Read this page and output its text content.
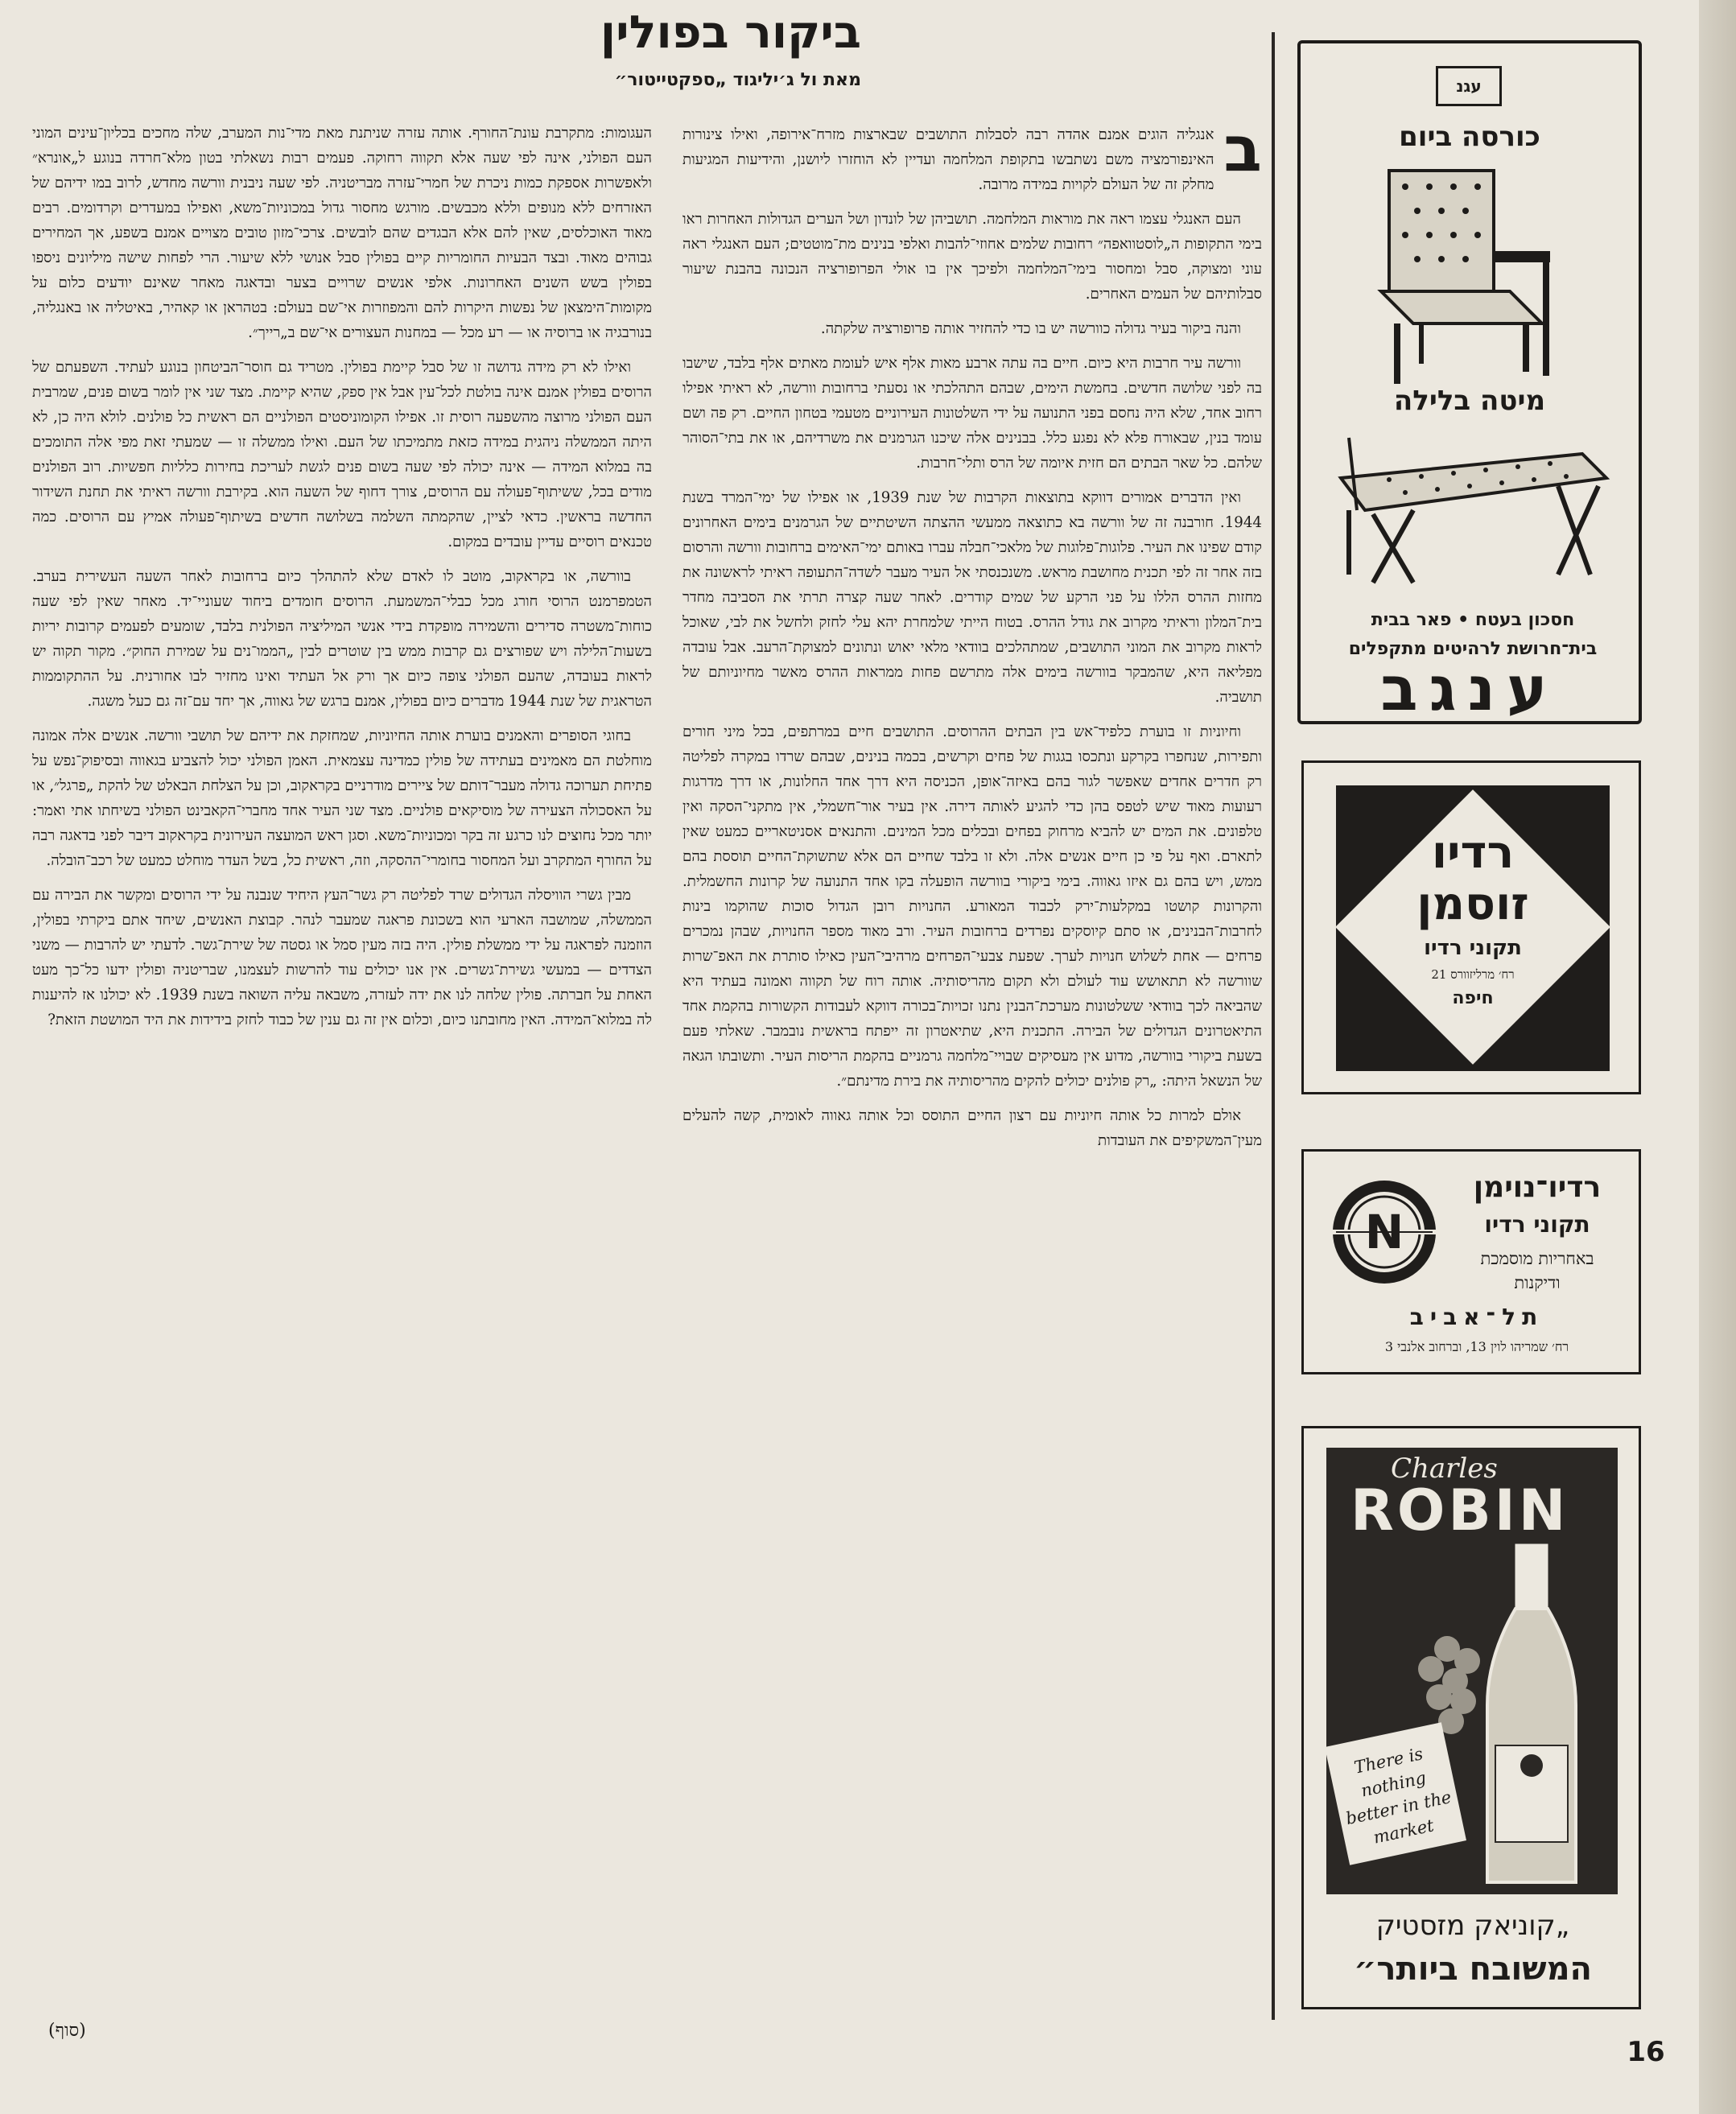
ביקור בפולין
מאת ול ג׳יליגוד „ספקטייטור״

ב
אנגליה הוגים אמנם אהדה רבה לסבלות התושבים שבארצות מזרח־אירופה, ואילו צינורות האינפורמציה משם נשתבשו בתקופת המלחמה ועדיין לא הוחזרו ליושנן, והידיעות המגיעות מחלק זה של העולם לקויות במידה מרובה.

העם האנגלי עצמו ראה את מוראות המלחמה. תושביהן של לונדון ושל הערים הגדולות האחרות ראו בימי התקופות ה„לוסטוואפה״ רחובות שלמים אחוזי־להבות ואלפי בנינים מת־מוטטים; העם האנגלי ראה עוני ומצוקה, סבל ומחסור בימי־המלחמה ולפיכך אין בו אולי הפרופורציה הנכונה בהבנת שיעור סבלותיהם של העמים האחרים.

והנה ביקור בעיר גדולה כוורשה יש בו כדי להחזיר אותה פרופורציה שלקתה.

וורשה עיר חרבות היא כיום. חיים בה עתה ארבע מאות אלף איש לעומת מאתים אלף בלבד, שישבו בה לפני שלושה חדשים. בחמשת הימים, שבהם התהלכתי או נסעתי ברחובות וורשה, לא ראיתי אפילו רחוב אחד, שלא היה נחסם בפני התנועה על ידי השלטונות העירוניים מטעמי בטחון החיים. רק פה ושם עומד בנין, שבאורח פלא לא נפגע כלל. בבנינים אלה שיכנו הגרמנים את משרדיהם, או את בתי־הסוהר שלהם. כל שאר הבתים הם חזית איומה של הרס ותלי־חרבות.

ואין הדברים אמורים דווקא בתוצאות הקרבות של שנת 1939, או אפילו של ימי־המרד בשנת 1944. חורבנה זה של וורשה בא כתוצאה ממעשי ההצתה השיטתיים של הגרמנים בימים האחרונים קודם שפינו את העיר. פלוגות־פלוגות של מלאכי־חבלה עברו באותם ימי־האימים ברחובות וורשה והרסום בזה אחר זה לפי תכנית מחושבת מראש. משנכנסתי אל העיר מעבר לשדה־התעופה ראיתי לראשונה את מחזות ההרס הללו על פני הרקע של שמים קודרים. לאחר שעה קצרה תרתי את הסביבה מחדר בית־המלון וראיתי מקרוב את גודל ההרס. בטוח הייתי שלמחרת יהא עלי לחזק ולחשל את לבי, שאוכל לראות מקרוב את המוני התושבים, שמתהלכים בוודאי מלאי יאוש ונתונים למצוקת־הרעב. אבל עובדה מפליאה היא, שהמבקר בוורשה בימים אלה מתרשם פחות ממראות ההרס מאשר מחיוניותם של תושביה.

וחיוניות זו בוערת כלפיד־אש בין הבתים ההרוסים. התושבים חיים במרתפים, בכל מיני חורים ותפירות, שנחפרו בקרקע ונתכסו בגגות של פחים וקרשים, בכמה בנינים, שבהם שרדו במקרה לפליטה רק חדרים אחדים שאפשר לגור בהם באיזה־אופן, הכניסה היא דרך אחד החלונות, או דרך מדרגות רעועות מאוד שיש לטפס בהן כדי להגיע לאותה דירה. אין בעיר אור־חשמלי, אין מתקני־הסקה ואין טלפונים. את המים יש להביא מרחוק בפחים ובכלים מכל המינים. והתנאים אסניטאריים כמעט שאין לתארם. ואף על פי כן חיים אנשים אלה. ולא זו בלבד שחיים הם אלא שתשוקת־החיים תוססת בהם ממש, ויש בהם גם איזו גאווה. בימי ביקורי בוורשה הופעלה בקו אחד התנועה של קרונות החשמלית. והקרונות קושטו במקלעות־ירק לכבוד המאורע. החנויות רובן הגדול סוכות שהוקמו בינות לחרבות־הבנינים, או סתם קיוסקים נפרדים ברחובות העיר. ורב מאוד מספר החנויות, שבהן נמכרים פרחים — אחת לשלוש חנויות לערך. שפעת צבעי־הפרחים מרהיבי־העין כאילו סותרת את האפ־שרות שוורשה לא תתאושש עוד לעולם ולא תקום מהריסותיה. אותה רוח של תקווה ואמונה בעתיד היא שהביאה לכך בוודאי ששלטונות מערכת־הבנין נתנו זכויות־בכורה דווקא לעבודות הקשורות בהקמת אחד התיאטרונים הגדולים של הבירה. התכנית היא, שתיאטרון זה ייפתח בראשית נובמבר. שאלתי פעם בשעת ביקורי בוורשה, מדוע אין מעסיקים שבויי־מלחמה גרמניים בהקמת הריסות העיר. ותשובתו הגאה של הנשאל היתה: „רק פולנים יכולים להקים מהריסותיה את בירת מדינתם״.

אולם למרות כל אותה חיוניות עם רצון החיים התוסס וכל אותה גאווה לאומית, קשה להעלים מעין־המשקיפים את העובדות

העגומות: מתקרבת עונת־החורף. אותה עזרה שניתנת מאת מדי־נות המערב, שלה מחכים בכליון־עינים המוני העם הפולני, אינה לפי שעה אלא תקווה רחוקה. פעמים רבות נשאלתי בטון מלא־חרדה בנוגע ל„אונרא״ ולאפשרות אספקת כמות ניכרת של חמרי־עזרה מבריטניה. לפי שעה ניבנית וורשה מחדש, לרוב במו ידיהם של האזרחים ללא מנופים וללא מכבשים. מורגש מחסור גדול במכוניות־משא, ואפילו במעדרים וקרדומים. רבים מאוד האוכלסים, שאין להם אלא הבגדים שהם לובשים. צרכי־מזון טובים מצויים אמנם בשפע, אך המחירים גבוהים מאוד. ובצד הבעיות החומריות קיים בפולין סבל אנושי ללא שיעור. הרי לפחות שישה מיליונים ניספו בפולין בשש השנים האחרונות. אלפי אנשים שרויים בצער ובדאגה מאחר שאינם יודעים כלום על מקומות־הימצאן של נפשות היקרות להם והמפוזרות אי־שם בעולם: בטהראן או קאהיר, באיטליה או באנגליה, בנורבגיה או ברוסיה או — רע מכל — במחנות העצורים אי־שם ב„רייך״.

ואילו לא רק מידה גדושה זו של סבל קיימת בפולין. מטריד גם חוסר־הביטחון בנוגע לעתיד. השפעתם של הרוסים בפולין אמנם אינה בולטת לכל־עין אבל אין ספק, שהיא קיימת. מצד שני אין לומר בשום פנים, שמרבית העם הפולני מרוצה מהשפעה רוסית זו. אפילו הקומוניסטים הפולניים הם ראשית כל פולנים. לולא היה כן, לא היתה הממשלה ניהגית במידה כזאת מתמיכתו של העם. ואילו ממשלה זו — שמעתי זאת מפי אלה התומכים בה במלוא המידה — אינה יכולה לפי שעה בשום פנים לגשת לעריכת בחירות כלליות חפשיות. רוב הפולנים מודים בכל, ששיתוף־פעולה עם הרוסים, צורך דחוף של השעה הוא. בקירבת וורשה ראיתי את תחנת השידור החדשה בראשין. כדאי לציין, שהקמתה השלמה בשלושה חדשים בשיתוף־פעולה אמיץ עם הרוסים. כמה טכנאים רוסיים עדיין עובדים במקום.

בוורשה, או בקראקוב, מוטב לו לאדם שלא להתהלך כיום ברחובות לאחר השעה העשירית בערב. הטמפרמנט הרוסי חורג מכל כבלי־המשמעת. הרוסים חומדים ביחוד שעוניי־יד. מאחר שאין לפי שעה כוחות־משטרה סדירים והשמירה מופקדת בידי אנשי המיליציה הפולנית בלבד, שומעים לפעמים קרובות יריות בשעות־הלילה ויש שפורצים גם קרבות ממש בין שוטרים לבין „הממו־נים על שמירת החוק״. מקור תקוה יש לראות בעובדה, שהעם הפולני צופה כיום אך ורק אל העתיד ואינו מחזיר לבו אחורנית. על ההתקוממות הטראגית של שנת 1944 מדברים כיום בפולין, אמנם ברגש של גאווה, אך יחד עם־זה גם כעל משגה.

בחוגי הסופרים והאמנים בוערת אותה החיוניות, שמחזקת את ידיהם של תושבי וורשה. אנשים אלה אמונה מוחלטת הם מאמינים בעתידה של פולין כמדינה עצמאית. האמן הפולני יכול להצביע בגאווה ובסיפוק־נפש על פתיחת תערוכה גדולה מעבר־דותם של ציירים מודרניים בקראקוב, וכן על הצלחת הבאלט של להקת „פרגל״, או על האסכולה הצעירה של מוסיקאים פולניים. מצד שני העיר אחד מחברי־הקאבינט הפולני בשיחתו אתי ואמר: יותר מכל נחוצים לנו כרגע זה בקר ומכוניות־משא. וסגן ראש המועצה העירונית בקראקוב דיבר לפני בדאגה רבה על החורף המתקרב ועל המחסור בחומרי־ההסקה, וזה, ראשית כל, בשל העדר מוחלט כמעט של רכב־הובלה.

מבין גשרי הוויסלה הגדולים שרד לפליטה רק גשר־העץ היחיד שנבנה על ידי הרוסים ומקשר את הבירה עם הממשלה, שמושבה הארעי הוא בשכונת פראגה שמעבר לנהר. קבוצת האנשים, שיחד אתם ביקרתי בפולין, הוזמנה לפראגה על ידי ממשלת פולין. היה בזה מעין סמל או גסטה של שירת־גשר. לדעתי יש להרבות — משני הצדדים — במעשי גשירת־גשרים. אין אנו יכולים עוד להרשות לעצמנו, שבריטניה ופולין ידעו כל־כך מעט האחת על חברתה. פולין שלחה לנו את ידה לעזרה, משבאה עליה השואה בשנת 1939. לא יכולנו אז להיענות לה במלוא־המידה. האין מחובתנו כיום, וכלום אין זה גם ענין של כבוד לחזק בידידות את היד המושטת הזאת?

(סוף)
16
עגנ
כורסה ביום
מיטה בלילה
חסכון בעטח • פאר בבית
בית־חרושת לרהיטים מתקפלים
ענגב
רדיו
זוסמן
תקוני רדיו
רח׳ מרליזוורס 21
חיפה
N
רדיו־נוימן
תקוני רדיו
באחריות מוסמכת
ודיקנות
תל־אביב
רח׳ שמריהו לוין 13, וברחוב אלנבי 3
Charles
ROBIN
There is nothing better in the market
„קוניאק מזסטיק
המשובח ביותר״
